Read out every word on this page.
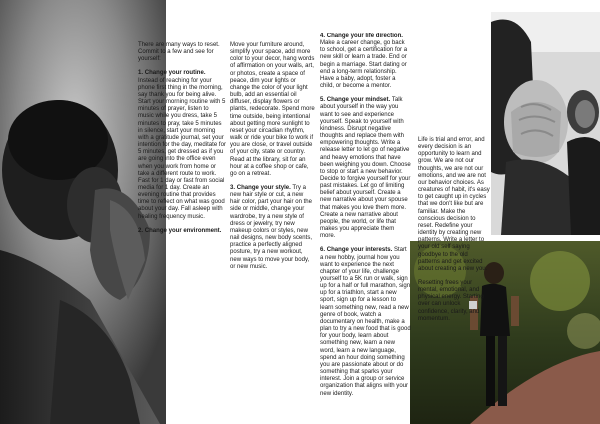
There are many ways to reset. Commit to a few and see for yourself:

1. Change your routine. Instead of reaching for your phone first thing in the morning, say thank you for being alive. Start your morning routine with 5 minutes of prayer, listen to music while you dress, take 5 minutes to pray, take 5 minutes in silence, start your morning with a gratitude journal, set your intention for the day, meditate for 5 minutes, get dressed as if you are going into the office even when you work from home or take a different route to work. Fast for 1 day or fast from social media for 1 day. Create an evening routine that provides time to reflect on what was good about your day. Fall asleep with healing frequency music.

2. Change your environment.

Move your furniture around, simplify your space, add more color to your decor, hang words of affirmation on your walls, art, or photos, create a space of peace, dim your lights or change the color of your light bulb, add an essential oil diffuser, display flowers or plants, redecorate. Spend more time outside, being intentional about getting more sunlight to reset your circadian rhythm, walk or ride your bike to work if you are close, or travel outside of your city, state or country. Read at the library, sit for an hour at a coffee shop or cafe, go on a retreat.

3. Change your style. Try a new hair style or cut, a new hair color, part your hair on the side or middle, change your wardrobe, try a new style of dress or jewelry, try new makeup colors or styles, new nail designs, new body scents, practice a perfectly aligned posture, try a new workout, new ways to move your body, or new music.

4. Change your life direction. Make a career change, go back to school, get a certification for a new skill or learn a trade. End or begin a marriage. Start dating or end a long-term relationship. Have a baby, adopt, foster a child, or become a mentor.

5. Change your mindset. Talk about yourself in the way you want to see and experience yourself. Speak to yourself with kindness. Disrupt negative thoughts and replace them with empowering thoughts. Write a release letter to let go of negative and heavy emotions that have been weighing you down. Choose to stop or start a new behavior. Decide to forgive yourself for your past mistakes. Let go of limiting belief about yourself. Create a new narrative about your spouse that makes you love them more. Create a new narrative about people, the world, or life that makes you appreciate them more.

6. Change your interests. Start a new hobby, journal how you want to experience the next chapter of your life, challenge yourself to a 5K run or walk, sign up for a half or full marathon, sign up for a triathlon, start a new sport, sign up for a lesson to learn something new, read a new genre of book, watch a documentary on health, make a plan to try a new food that is good for your body, learn about something new, learn a new word, learn a new language, spend an hour doing something you are passionate about or do something that sparks your interest. Join a group or service organization that aligns with your new identity.

Life is trial and error, and every decision is an opportunity to learn and grow. We are not our thoughts, we are not our emotions, and we are not our behavior choices. As creatures of habit, it's easy to get caught up in cycles that we don't like but are familiar. Make the conscious decision to reset. Redefine your identity by creating new patterns. Write a letter to your old self saying goodbye to the old patterns and get excited about creating a new you.

Resetting frees your mental, emotional, and physical energy. Starting over can unlock confidence, clarity, and momentum.
